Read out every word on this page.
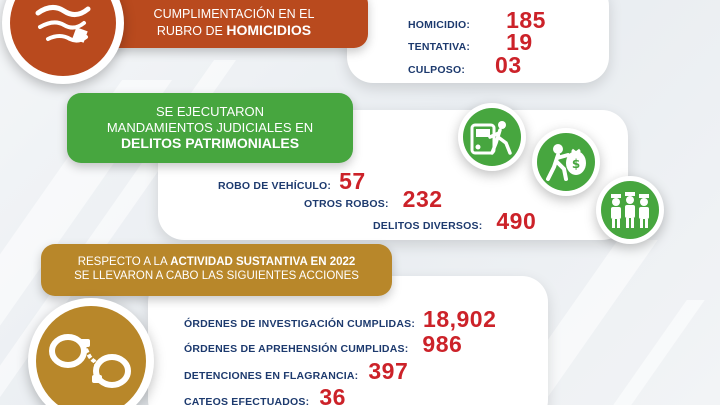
HOMICIDIO: 185
TENTATIVA: 19
CULPOSO: 03
CUMPLIMENTACIÓN EN EL
RUBRO DE HOMICIDIOS
ROBO DE VEHÍCULO: 57
OTROS ROBOS: 232
DELITOS DIVERSOS: 490
SE EJECUTARON
MANDAMIENTOS JUDICIALES EN
DELITOS PATRIMONIALES
$
ÓRDENES DE INVESTIGACIÓN CUMPLIDAS: 18,902
ÓRDENES DE APREHENSIÓN CUMPLIDAS: 986
DETENCIONES EN FLAGRANCIA: 397
CATEOS EFECTUADOS: 36
RESPECTO A LA ACTIVIDAD SUSTANTIVA EN 2022
SE LLEVARON A CABO LAS SIGUIENTES ACCIONES
